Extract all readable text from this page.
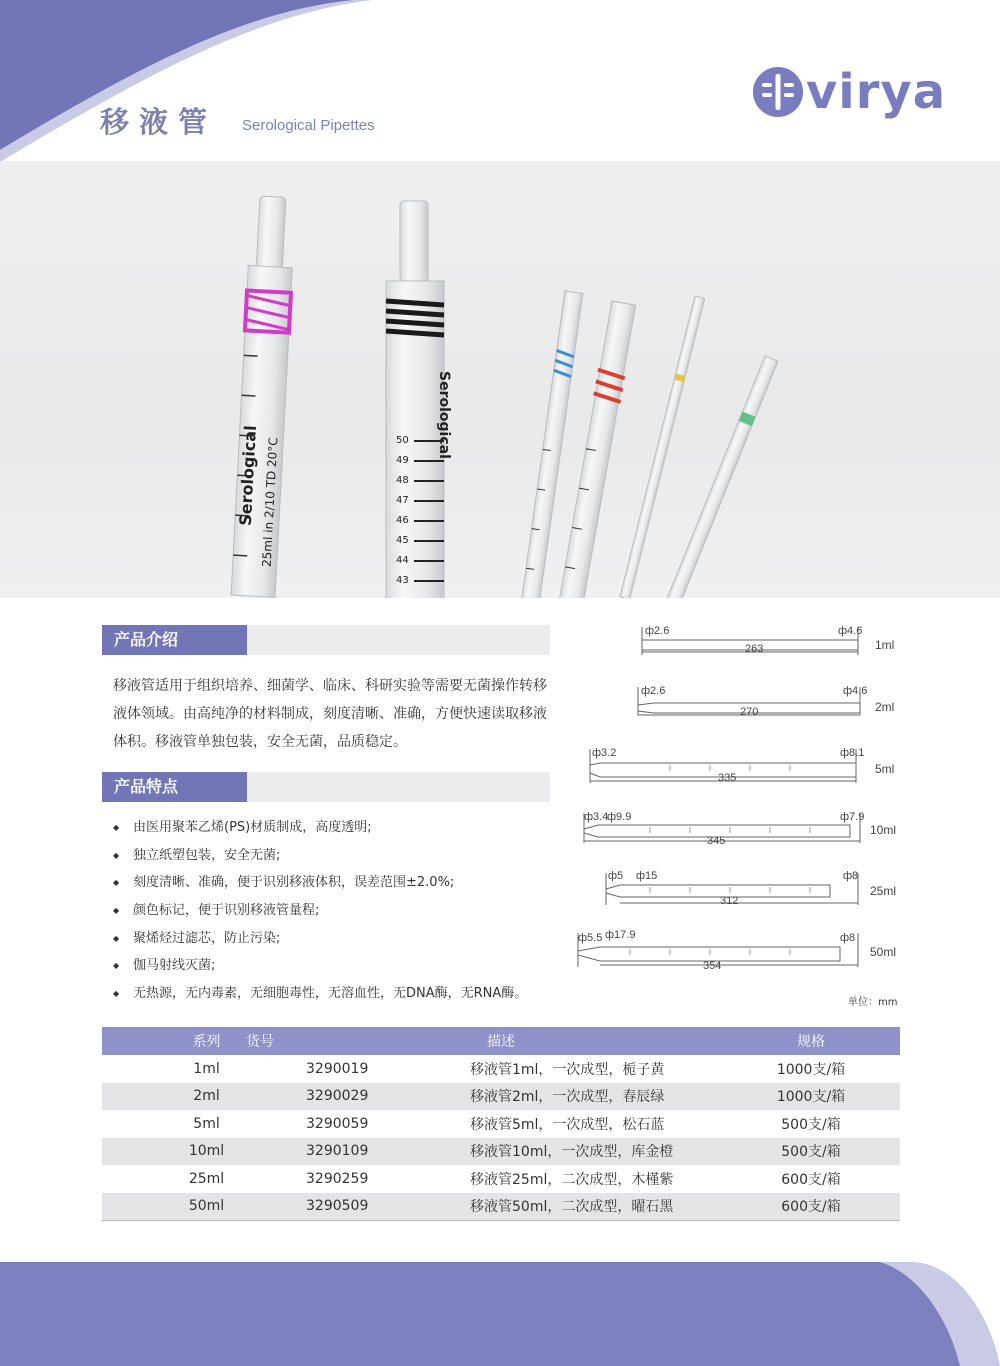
移液管 Serological Pipettes
virya
Serological 25ml in 2/10 TD 20°C	50
49
48
47
46
45
44
43
Serological
产品介绍
移液管适用于组织培养、细菌学、临床、科研实验等需要无菌操作转移液体领域。由高纯净的材料制成，刻度清晰、准确，方便快速读取移液体积。移液管单独包装，安全无菌，品质稳定。
产品特点
◆ 由医用聚苯乙烯(PS)材质制成，高度透明;
◆ 独立纸塑包装，安全无菌;
◆ 刻度清晰、准确，便于识别移液体积，误差范围±2.0%;
◆ 颜色标记，便于识别移液管量程;
◆ 聚烯烃过滤芯，防止污染;
◆ 伽马射线灭菌;
◆ 无热源，无内毒素，无细胞毒性，无溶血性，无DNA酶，无RNA酶。
ф2.6	ф4.6
263	1ml
ф2.6	ф4.6
270	2ml
ф3.2	ф8.1
335
5ml
ф3.4
ф9.9	ф7.9
345
10ml
ф5 ф15	ф8
312
25ml
ф5.5 ф17.9	ф8
354
50ml
单位：mm
系列	货号	描述	规格
1ml	3290019	移液管1ml，一次成型，栀子黄	1000支/箱
2ml	3290029	移液管2ml，一次成型，春辰绿	1000支/箱
5ml	3290059	移液管5ml，一次成型，松石蓝	500支/箱
10ml	3290109	移液管10ml，一次成型，库金橙	500支/箱
25ml	3290259	移液管25ml，二次成型，木槿紫	600支/箱
50ml	3290509	移液管50ml，二次成型，曜石黑	600支/箱
